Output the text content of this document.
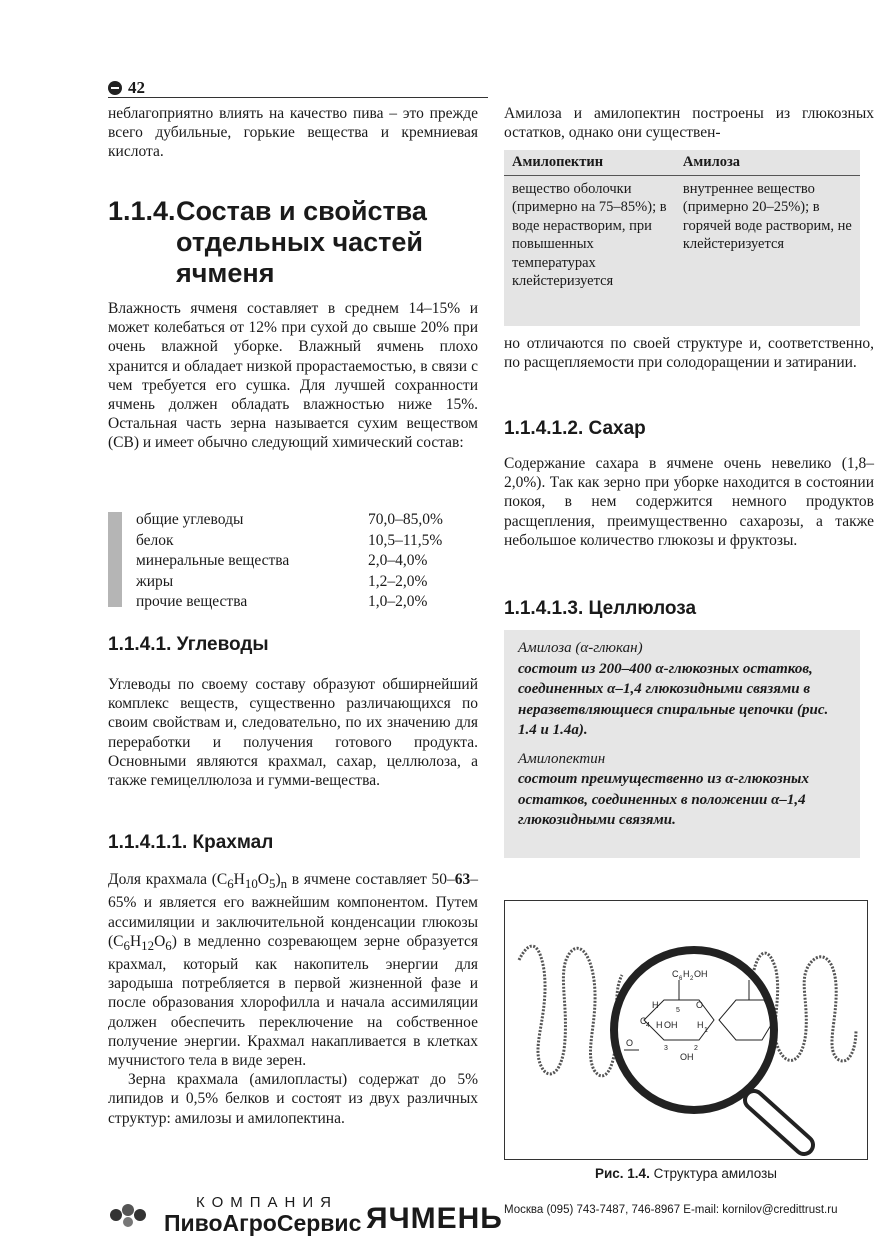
42

неблагоприятно влиять на качество пива – это прежде всего дубильные, горькие вещества и кремниевая кислота.

1.1.4. Состав и свойства
отдельных частей
ячменя

Влажность ячменя составляет в среднем 14–15% и может колебаться от 12% при сухой до свыше 20% при очень влажной уборке. Влажный ячмень плохо хранится и обладает низкой прорастаемостью, в связи с чем требуется его сушка. Для лучшей сохранности ячмень должен обладать влажностью ниже 15%. Остальная часть зерна называется сухим веществом (СВ) и имеет обычно следующий химический состав:

общие углеводы	70,0–85,0%
белок	10,5–11,5%
минеральные вещества	2,0–4,0%
жиры	1,2–2,0%
прочие вещества	1,0–2,0%
1.1.4.1. Углеводы

Углеводы по своему составу образуют обширнейший комплекс веществ, существенно различающихся по своим свойствам и, следовательно, по их значению для переработки и получения готового продукта. Основными являются крахмал, сахар, целлюлоза, а также гемицеллюлоза и гумми-вещества.

1.1.4.1.1. Крахмал

Доля крахмала $(C_6H_{10}O_5)_n$ в ячмене составляет 50–63–65% и является его важнейшим компонентом. Путем ассимиляции и заключительной конденсации глюкозы $(C_6H_{12}O_6)$ в медленно созревающем зерне образуется крахмал, который как накопитель энергии для зародыша потребляется в первой жизненной фазе и после образования хлорофилла и начала ассимиляции должен обеспечить переключение на собственное получение энергии. Крахмал накапливается в клетках мучнистого тела в виде зерен.

Зерна крахмала (амилопласты) содержат до 5% липидов и 0,5% белков и состоят из двух различных структур: амилозы и амилопектина.

Амилоза и амилопектин построены из глюкозных остатков, однако они существен-

Амилопектин	Амилоза
вещество оболочки (примерно на 75–85%); в воде нерастворим, при повышенных температурах клейстеризуется	внутреннее вещество (примерно 20–25%); в горячей воде растворим, не клейстеризуется

но отличаются по своей структуре и, соответственно, по расщепляемости при солодоращении и затирании.

1.1.4.1.2. Сахар

Содержание сахара в ячмене очень невелико (1,8–2,0%). Так как зерно при уборке находится в состоянии покоя, в нем содержится немного продуктов расщепления, преимущественно сахарозы, а также небольшое количество глюкозы и фруктозы.

1.1.4.1.3. Целлюлоза

Амилоза (α-глюкан)

состоит из 200–400 α-глюкозных остатков, соединенных α–1,4 глюкозидными связями в неразветвляющиеся спиральные цепочки (рис. 1.4 и 1.4а).

Амилопектин

состоит преимущественно из α-глюкозных остатков, соединенных в положении α–1,4 глюкозидными связями.

C 6 H 2 OH
H
5
O
H OH H
1
C 4
OH
3	2
O
Рис. 1.4. Структура амилозы
КОМПАНИЯ
ПивоАгроСервис ЯЧМЕНЬ Москва (095) 743-7487, 746-8967 E-mail: kornilov@credittrust.ru
